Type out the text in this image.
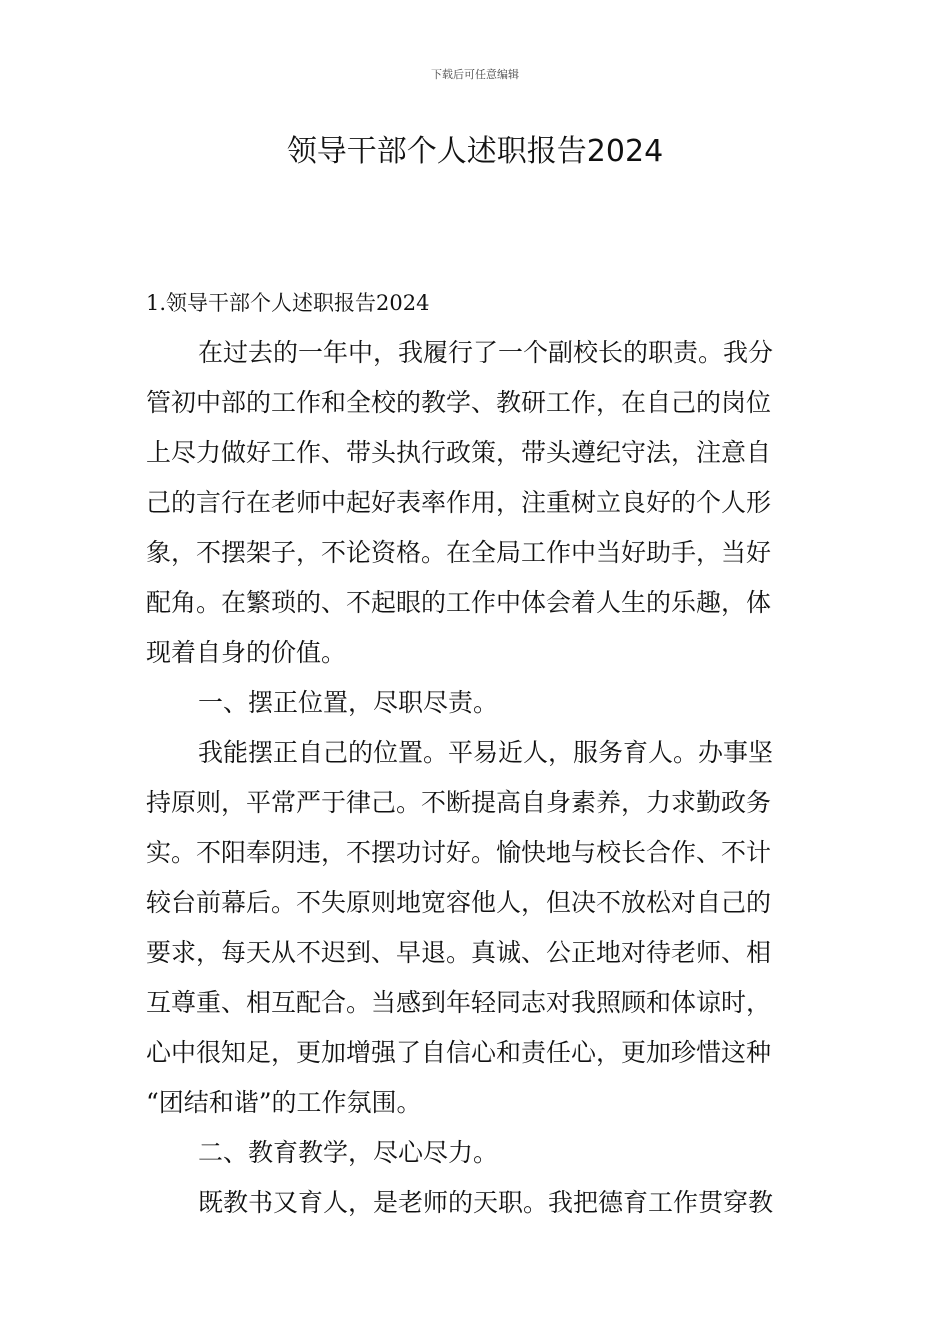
下载后可任意编辑
领导干部个人述职报告2024
1.领导干部个人述职报告2024
在过去的一年中，我履行了一个副校长的职责。我分
管初中部的工作和全校的教学、教研工作，在自己的岗位
上尽力做好工作、带头执行政策，带头遵纪守法，注意自
己的言行在老师中起好表率作用，注重树立良好的个人形
象，不摆架子，不论资格。在全局工作中当好助手，当好
配角。在繁琐的、不起眼的工作中体会着人生的乐趣，体
现着自身的价值。
一、摆正位置，尽职尽责。
我能摆正自己的位置。平易近人，服务育人。办事坚
持原则，平常严于律己。不断提高自身素养，力求勤政务
实。不阳奉阴违，不摆功讨好。愉快地与校长合作、不计
较台前幕后。不失原则地宽容他人，但决不放松对自己的
要求，每天从不迟到、早退。真诚、公正地对待老师、相
互尊重、相互配合。当感到年轻同志对我照顾和体谅时，
心中很知足，更加增强了自信心和责任心，更加珍惜这种
“团结和谐”的工作氛围。
二、教育教学，尽心尽力。
既教书又育人，是老师的天职。我把德育工作贯穿教
